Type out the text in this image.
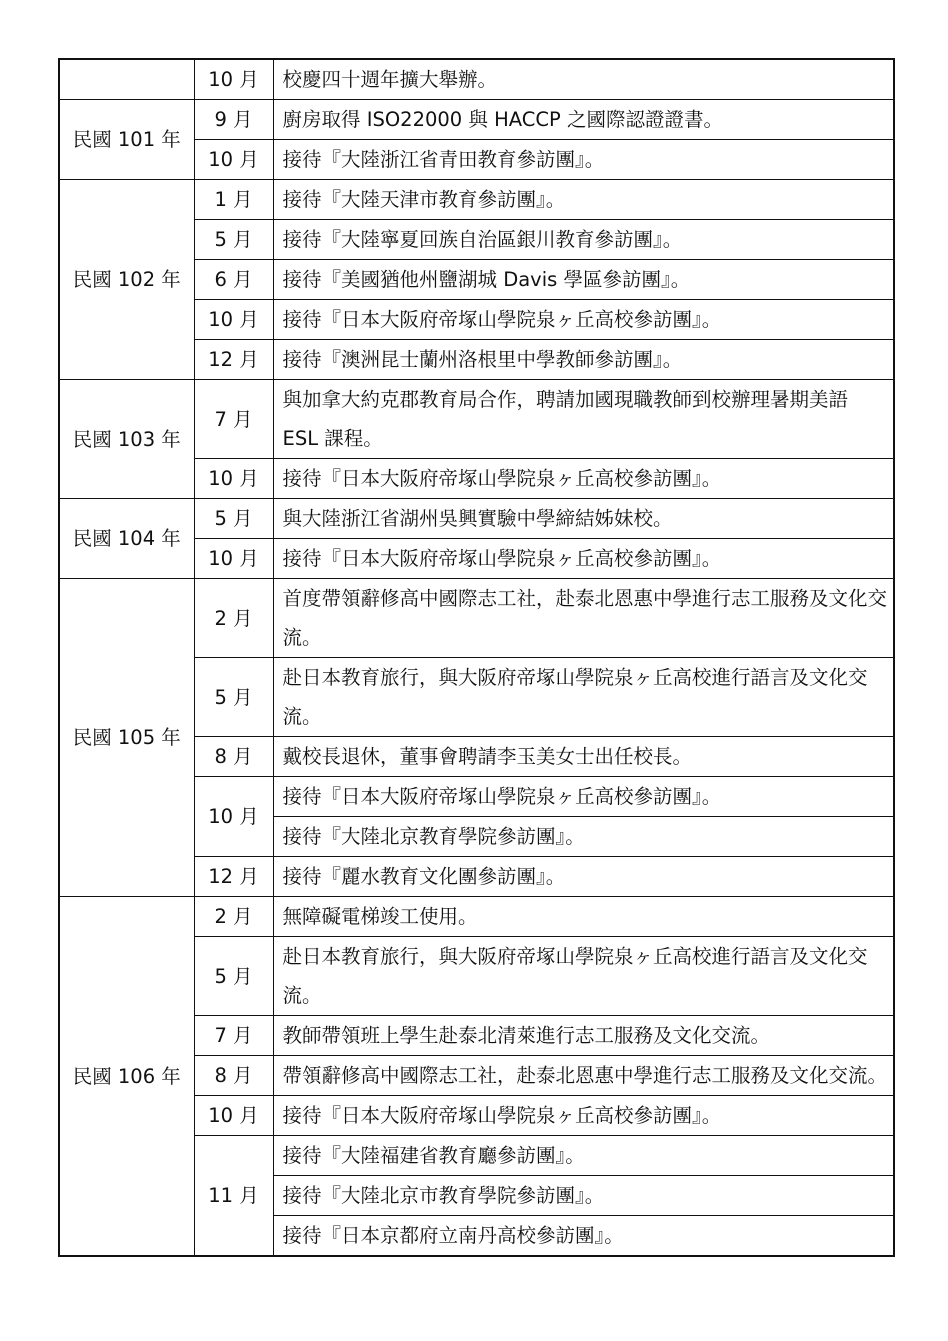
	10 月	校慶四十週年擴大舉辦。
民國 101 年	9 月	廚房取得 ISO22000 與 HACCP 之國際認證證書。
	10 月	接待『大陸浙江省青田教育參訪團』。
民國 102 年	1 月	接待『大陸天津市教育參訪團』。
	5 月	接待『大陸寧夏回族自治區銀川教育參訪團』。
	6 月	接待『美國猶他州鹽湖城 Davis 學區參訪團』。
	10 月	接待『日本大阪府帝塚山學院泉ヶ丘高校參訪團』。
	12 月	接待『澳洲昆士蘭州洛根里中學教師參訪團』。
民國 103 年	7 月	與加拿大約克郡教育局合作，聘請加國現職教師到校辦理暑期美語 ESL 課程。
	10 月	接待『日本大阪府帝塚山學院泉ヶ丘高校參訪團』。
民國 104 年	5 月	與大陸浙江省湖州吳興實驗中學締結姊妹校。
	10 月	接待『日本大阪府帝塚山學院泉ヶ丘高校參訪團』。
民國 105 年	2 月	首度帶領辭修高中國際志工社，赴泰北恩惠中學進行志工服務及文化交流。
	5 月	赴日本教育旅行，與大阪府帝塚山學院泉ヶ丘高校進行語言及文化交流。
	8 月	戴校長退休，董事會聘請李玉美女士出任校長。
	10 月	接待『日本大阪府帝塚山學院泉ヶ丘高校參訪團』。
		接待『大陸北京教育學院參訪團』。
	12 月	接待『麗水教育文化團參訪團』。
民國 106 年	2 月	無障礙電梯竣工使用。
	5 月	赴日本教育旅行，與大阪府帝塚山學院泉ヶ丘高校進行語言及文化交流。
	7 月	教師帶領班上學生赴泰北清萊進行志工服務及文化交流。
	8 月	帶領辭修高中國際志工社，赴泰北恩惠中學進行志工服務及文化交流。
	10 月	接待『日本大阪府帝塚山學院泉ヶ丘高校參訪團』。
	11 月	接待『大陸福建省教育廳參訪團』。
		接待『大陸北京市教育學院參訪團』。
		接待『日本京都府立南丹高校參訪團』。
